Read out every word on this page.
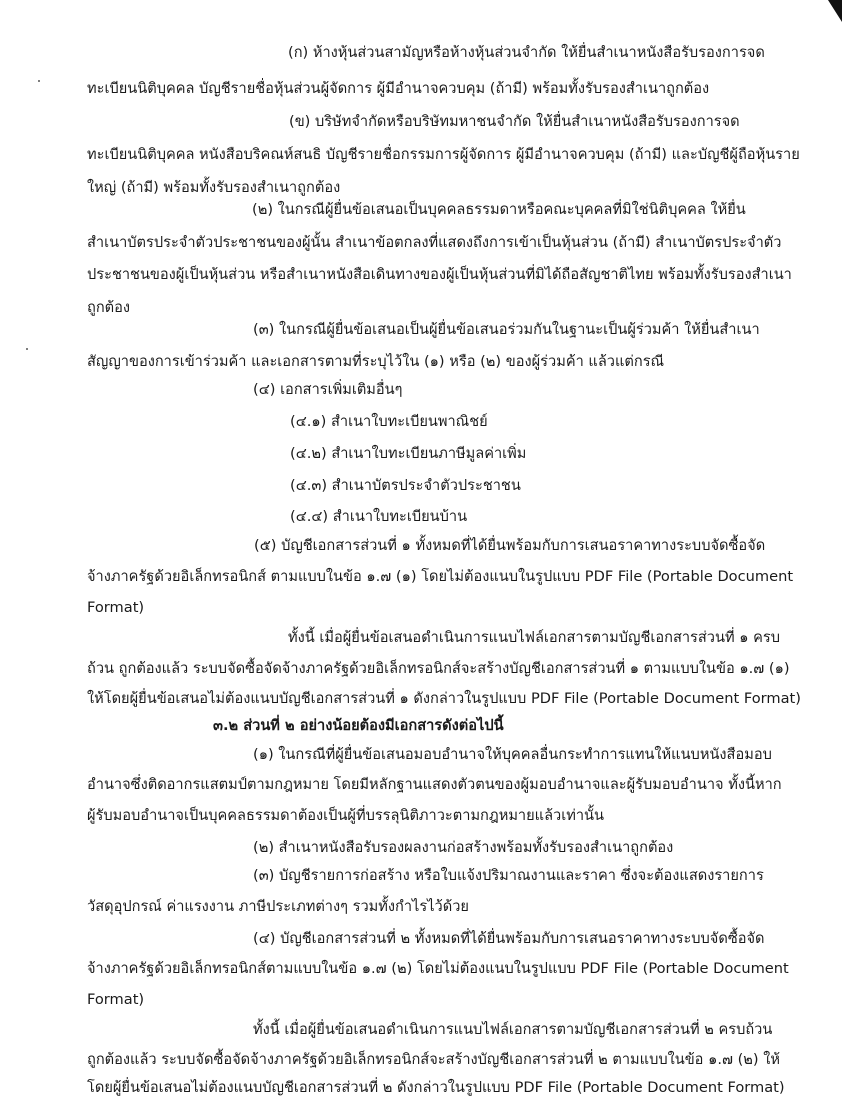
(ก) ห้างหุ้นส่วนสามัญหรือห้างหุ้นส่วนจำกัด ให้ยื่นสำเนาหนังสือรับรองการจด
ทะเบียนนิติบุคคล บัญชีรายชื่อหุ้นส่วนผู้จัดการ ผู้มีอำนาจควบคุม (ถ้ามี) พร้อมทั้งรับรองสำเนาถูกต้อง
(ข) บริษัทจำกัดหรือบริษัทมหาชนจำกัด ให้ยื่นสำเนาหนังสือรับรองการจด
ทะเบียนนิติบุคคล หนังสือบริคณห์สนธิ บัญชีรายชื่อกรรมการผู้จัดการ ผู้มีอำนาจควบคุม (ถ้ามี) และบัญชีผู้ถือหุ้นราย
ใหญ่ (ถ้ามี) พร้อมทั้งรับรองสำเนาถูกต้อง
(๒) ในกรณีผู้ยื่นข้อเสนอเป็นบุคคลธรรมดาหรือคณะบุคคลที่มิใช่นิติบุคคล ให้ยื่น
สำเนาบัตรประจำตัวประชาชนของผู้นั้น สำเนาข้อตกลงที่แสดงถึงการเข้าเป็นหุ้นส่วน (ถ้ามี) สำเนาบัตรประจำตัว
ประชาชนของผู้เป็นหุ้นส่วน หรือสำเนาหนังสือเดินทางของผู้เป็นหุ้นส่วนที่มิได้ถือสัญชาติไทย พร้อมทั้งรับรองสำเนา
ถูกต้อง
(๓) ในกรณีผู้ยื่นข้อเสนอเป็นผู้ยื่นข้อเสนอร่วมกันในฐานะเป็นผู้ร่วมค้า ให้ยื่นสำเนา
สัญญาของการเข้าร่วมค้า และเอกสารตามที่ระบุไว้ใน (๑) หรือ (๒) ของผู้ร่วมค้า แล้วแต่กรณี
(๔) เอกสารเพิ่มเติมอื่นๆ
(๔.๑) สำเนาใบทะเบียนพาณิชย์
(๔.๒) สำเนาใบทะเบียนภาษีมูลค่าเพิ่ม
(๔.๓) สำเนาบัตรประจำตัวประชาชน
(๔.๔) สำเนาใบทะเบียนบ้าน
(๕) บัญชีเอกสารส่วนที่ ๑ ทั้งหมดที่ได้ยื่นพร้อมกับการเสนอราคาทางระบบจัดซื้อจัด
จ้างภาครัฐด้วยอิเล็กทรอนิกส์ ตามแบบในข้อ ๑.๗ (๑) โดยไม่ต้องแนบในรูปแบบ PDF File (Portable Document
Format)
ทั้งนี้ เมื่อผู้ยื่นข้อเสนอดำเนินการแนบไฟล์เอกสารตามบัญชีเอกสารส่วนที่ ๑ ครบ
ถ้วน ถูกต้องแล้ว ระบบจัดซื้อจัดจ้างภาครัฐด้วยอิเล็กทรอนิกส์จะสร้างบัญชีเอกสารส่วนที่ ๑ ตามแบบในข้อ ๑.๗ (๑)
ให้โดยผู้ยื่นข้อเสนอไม่ต้องแนบบัญชีเอกสารส่วนที่ ๑ ดังกล่าวในรูปแบบ PDF File (Portable Document Format)
๓.๒ ส่วนที่ ๒ อย่างน้อยต้องมีเอกสารดังต่อไปนี้
(๑) ในกรณีที่ผู้ยื่นข้อเสนอมอบอำนาจให้บุคคลอื่นกระทำการแทนให้แนบหนังสือมอบ
อำนาจซึ่งติดอากรแสตมป์ตามกฎหมาย โดยมีหลักฐานแสดงตัวตนของผู้มอบอำนาจและผู้รับมอบอำนาจ ทั้งนี้หาก
ผู้รับมอบอำนาจเป็นบุคคลธรรมดาต้องเป็นผู้ที่บรรลุนิติภาวะตามกฎหมายแล้วเท่านั้น
(๒) สำเนาหนังสือรับรองผลงานก่อสร้างพร้อมทั้งรับรองสำเนาถูกต้อง
(๓) บัญชีรายการก่อสร้าง หรือใบแจ้งปริมาณงานและราคา ซึ่งจะต้องแสดงรายการ
วัสดุอุปกรณ์ ค่าแรงงาน ภาษีประเภทต่างๆ รวมทั้งกำไรไว้ด้วย
(๔) บัญชีเอกสารส่วนที่ ๒ ทั้งหมดที่ได้ยื่นพร้อมกับการเสนอราคาทางระบบจัดซื้อจัด
จ้างภาครัฐด้วยอิเล็กทรอนิกส์ตามแบบในข้อ ๑.๗ (๒) โดยไม่ต้องแนบในรูปแบบ PDF File (Portable Document
Format)
ทั้งนี้ เมื่อผู้ยื่นข้อเสนอดำเนินการแนบไฟล์เอกสารตามบัญชีเอกสารส่วนที่ ๒ ครบถ้วน
ถูกต้องแล้ว ระบบจัดซื้อจัดจ้างภาครัฐด้วยอิเล็กทรอนิกส์จะสร้างบัญชีเอกสารส่วนที่ ๒ ตามแบบในข้อ ๑.๗ (๒) ให้
โดยผู้ยื่นข้อเสนอไม่ต้องแนบบัญชีเอกสารส่วนที่ ๒ ดังกล่าวในรูปแบบ PDF File (Portable Document Format)
